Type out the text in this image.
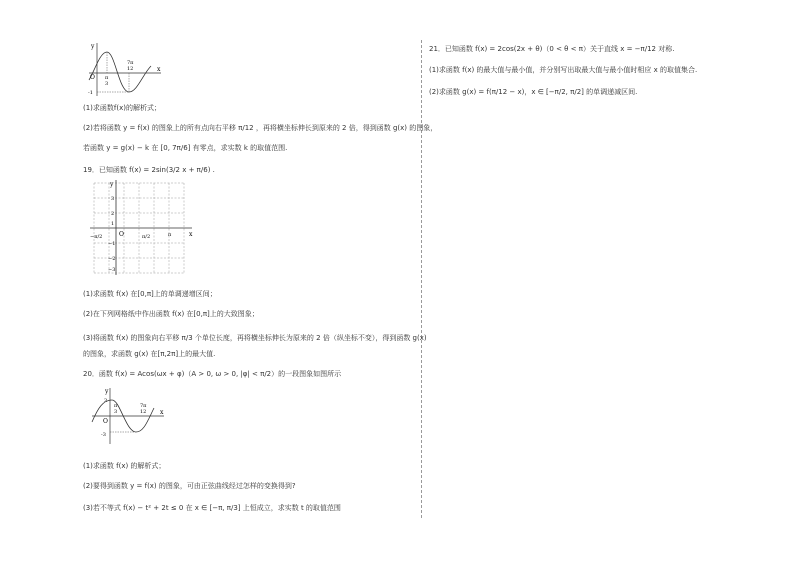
y
x
O π
3
7π
12
-1
(1)求函数f(x)的解析式；
(2)若将函数 y = f(x) 的图象上的所有点向右平移 π/12 ，再将横坐标伸长到原来的 2 倍，得到函数 g(x) 的图象，
若函数 y = g(x) − k 在 [0, 7π/6] 有零点，求实数 k 的取值范围.
19．已知函数 f(x) = 2sin(3/2 x + π/6) .
y
x
O
3
2
1
−1
−2
−3
−π/2	π/2	π
(1)求函数 f(x) 在[0,π]上的单调递增区间；
(2)在下列网格纸中作出函数 f(x) 在[0,π]上的大致图象；
(3)将函数 f(x) 的图象向右平移 π/3 个单位长度，再将横坐标伸长为原来的 2 倍（纵坐标不变），得到函数 g(x)
的图象，求函数 g(x) 在[π,2π]上的最大值.
20．函数 f(x) = Acos(ωx + φ)（A > 0, ω > 0, |φ| < π/2）的一段图象如图所示
y
x
O
3
-3
π
3
7π
12
(1)求函数 f(x) 的解析式；
(2)要得到函数 y = f(x) 的图象，可由正弦曲线经过怎样的变换得到?
(3)若不等式 f(x) − t² + 2t ≤ 0 在 x ∈ [−π, π/3] 上恒成立，求实数 t 的取值范围
21．已知函数 f(x) = 2cos(2x + θ)（0 < θ < π）关于直线 x = −π/12 对称.
(1)求函数 f(x) 的最大值与最小值，并分别写出取最大值与最小值时相应 x 的取值集合.
(2)求函数 g(x) = f(π/12 − x)，x ∈ [−π/2, π/2] 的单调递减区间.
